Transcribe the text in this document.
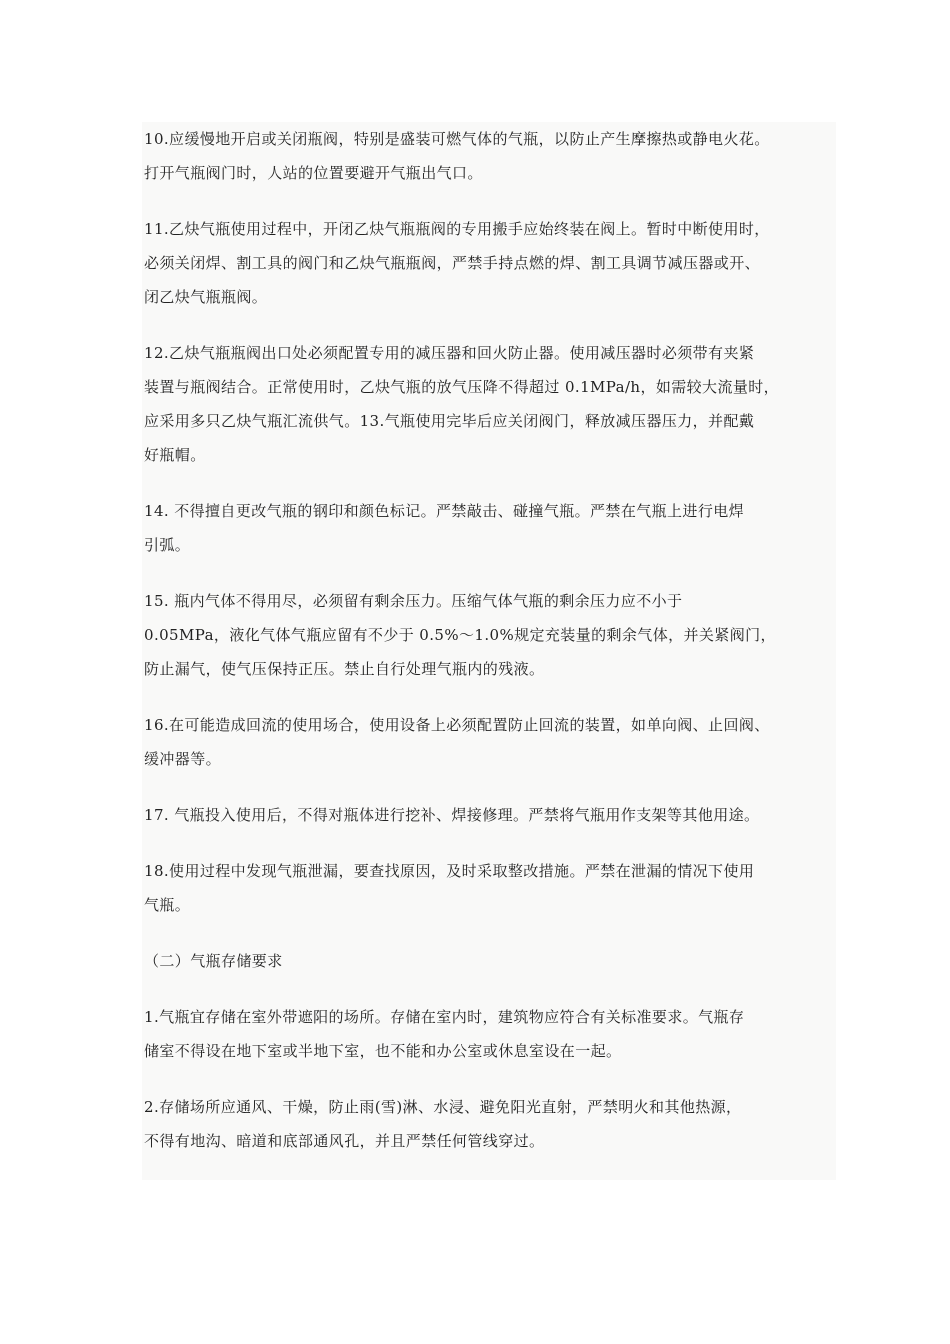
10.应缓慢地开启或关闭瓶阀，特别是盛装可燃气体的气瓶，以防止产生摩擦热或静电火花。
打开气瓶阀门时，人站的位置要避开气瓶出气口。
11.乙炔气瓶使用过程中，开闭乙炔气瓶瓶阀的专用搬手应始终装在阀上。暂时中断使用时，
必须关闭焊、割工具的阀门和乙炔气瓶瓶阀，严禁手持点燃的焊、割工具调节减压器或开、
闭乙炔气瓶瓶阀。
12.乙炔气瓶瓶阀出口处必须配置专用的减压器和回火防止器。使用减压器时必须带有夹紧
装置与瓶阀结合。正常使用时，乙炔气瓶的放气压降不得超过 0.1MPa/h，如需较大流量时，
应采用多只乙炔气瓶汇流供气。13.气瓶使用完毕后应关闭阀门，释放减压器压力，并配戴
好瓶帽。
14. 不得擅自更改气瓶的钢印和颜色标记。严禁敲击、碰撞气瓶。严禁在气瓶上进行电焊
引弧。
15. 瓶内气体不得用尽，必须留有剩余压力。压缩气体气瓶的剩余压力应不小于
0.05MPa，液化气体气瓶应留有不少于 0.5%～1.0%规定充装量的剩余气体，并关紧阀门，
防止漏气，使气压保持正压。禁止自行处理气瓶内的残液。
16.在可能造成回流的使用场合，使用设备上必须配置防止回流的装置，如单向阀、止回阀、
缓冲器等。
17. 气瓶投入使用后，不得对瓶体进行挖补、焊接修理。严禁将气瓶用作支架等其他用途。
18.使用过程中发现气瓶泄漏，要查找原因，及时采取整改措施。严禁在泄漏的情况下使用
气瓶。
（二）气瓶存储要求
1.气瓶宜存储在室外带遮阳的场所。存储在室内时，建筑物应符合有关标准要求。气瓶存
储室不得设在地下室或半地下室，也不能和办公室或休息室设在一起。
2.存储场所应通风、干燥，防止雨(雪)淋、水浸、避免阳光直射，严禁明火和其他热源，
不得有地沟、暗道和底部通风孔，并且严禁任何管线穿过。
